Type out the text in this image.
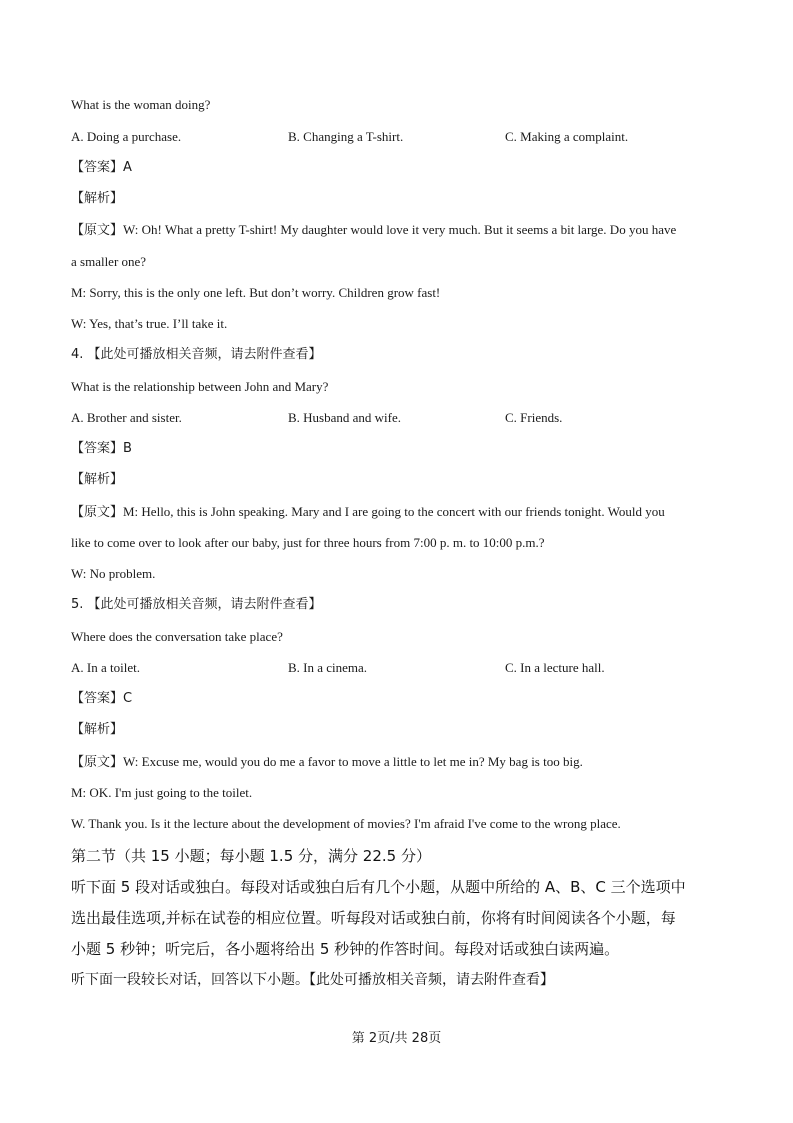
What is the woman doing?
A. Doing a purchase.	B. Changing a T-shirt.	C. Making a complaint.
【答案】A
【解析】
【原文】W: Oh! What a pretty T-shirt! My daughter would love it very much. But it seems a bit large. Do you have
a smaller one?
M: Sorry, this is the only one left. But don’t worry. Children grow fast!
W: Yes, that’s true. I’ll take it.
4. 【此处可播放相关音频，请去附件查看】
What is the relationship between John and Mary?
A. Brother and sister.	B. Husband and wife.	C. Friends.
【答案】B
【解析】
【原文】M: Hello, this is John speaking. Mary and I are going to the concert with our friends tonight. Would you
like to come over to look after our baby, just for three hours from 7:00 p. m. to 10:00 p.m.?
W: No problem.
5. 【此处可播放相关音频，请去附件查看】
Where does the conversation take place?
A. In a toilet.	B. In a cinema.	C. In a lecture hall.
【答案】C
【解析】
【原文】W: Excuse me, would you do me a favor to move a little to let me in? My bag is too big.
M: OK. I'm just going to the toilet.
W. Thank you. Is it the lecture about the development of movies? I'm afraid I've come to the wrong place.
第二节（共 15 小题；每小题 1.5 分，满分 22.5 分）
听下面 5 段对话或独白。每段对话或独白后有几个小题，从题中所给的 A、B、C 三个选项中
选出最佳选项,并标在试卷的相应位置。听每段对话或独白前，你将有时间阅读各个小题，每
小题 5 秒钟；听完后，各小题将给出 5 秒钟的作答时间。每段对话或独白读两遍。
听下面一段较长对话，回答以下小题。【此处可播放相关音频，请去附件查看】
第 2页/共 28页
